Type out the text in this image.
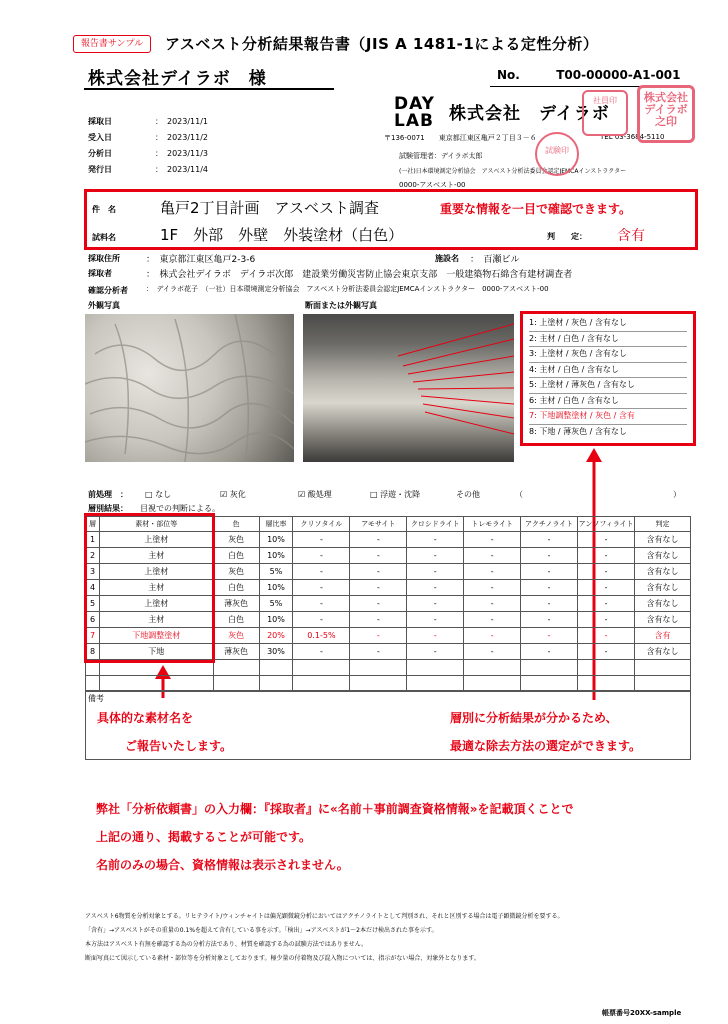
報告書サンプル	アスベスト分析結果報告書（JIS A 1481-1による定性分析）
株式会社デイラボ　様	No.	T00-00000-A1-001
採取日	：　2023/11/1
受入日	：　2023/11/2
分析日	：　2023/11/3
発行日	：　2023/11/4
DAY
LAB 株式会社　デイラボ
〒136-0071　　東京都江東区亀戸２丁目３－６	TEL 03-3684-5110
試験管理者：デイラボ太郎
(一社)日本環境測定分析協会　アスベスト分析法委員会認定JEMCAインストラクター
0000-アスベスト-00
社員印
試験印
株式会社デイラボ之印
件　名	亀戸2丁目計画　アスベスト調査	重要な情報を一目で確認できます。
試料名	1F　外部　外壁　外装塗材（白色）	判　　定： 含有
採取住所	：　東京都江東区亀戸2-3-6	施設名 ：　百瀬ビル
採取者	：　株式会社デイラボ　デイラボ次郎　建設業労働災害防止協会東京支部　一般建築物石綿含有建材調査者
確認分析者	：　デイラボ花子　（一社）日本環境測定分析協会　アスベスト分析法委員会認定JEMCAインストラクター　0000-アスベスト-00
外観写真	断面または外観写真
1: 上塗材 / 灰色 / 含有なし
2: 主材 / 白色 / 含有なし
3: 上塗材 / 灰色 / 含有なし
4: 主材 / 白色 / 含有なし
5: 上塗材 / 薄灰色 / 含有なし
6: 主材 / 白色 / 含有なし
7: 下地調整塗材 / 灰色 / 含有
8: 下地 / 薄灰色 / 含有なし
前処理　： □ なし	☑ 灰化	☑ 酸処理	□ 浮遊・沈降	その他	（	）
層別結果： 目視での判断による。
層	素材・部位等	色	層比率	クリソタイル	アモサイト	クロシドライト	トレモライト	アクチノライト	アンソフィライト	判定
1	上塗材	灰色	10%	-	-	-	-	-	-	含有なし
2	主材	白色	10%	-	-	-	-	-	-	含有なし
3	上塗材	灰色	5%	-	-	-	-	-	-	含有なし
4	主材	白色	10%	-	-	-	-	-	-	含有なし
5	上塗材	薄灰色	5%	-	-	-	-	-	-	含有なし
6	主材	白色	10%	-	-	-	-	-	-	含有なし
7	下地調整塗材	灰色	20%	0.1-5%	-	-	-	-	-	含有
8	下地	薄灰色	30%	-	-	-	-	-	-	含有なし

備考
具体的な素材名を
ご報告いたします。
層別に分析結果が分かるため、
最適な除去方法の選定ができます。
弊社「分析依頼書」の入力欄：『採取者』に«名前＋事前調査資格情報»を記載頂くことで
上記の通り、掲載することが可能です。
名前のみの場合、資格情報は表示されません。
アスベスト6物質を分析対象とする。リヒテライト/ウィンチャイトは偏光顕微鏡分析においてはアクチノライトとして判別され、それと区別する場合は電子顕微鏡分析を要する。
「含有」→アスベストがその重量の0.1%を超えて含有している事を示す。「検出」→アスベストが1～2本だけ検出された事を示す。
本方法はアスベスト有無を確認する為の分析方法であり、材質を確認する為の試験方法ではありません。
断面写真にて図示している素材・部位等を分析対象としております。極少量の付着物及び混入物については、指示がない場合、対象外となります。
帳票番号20XX-sample
